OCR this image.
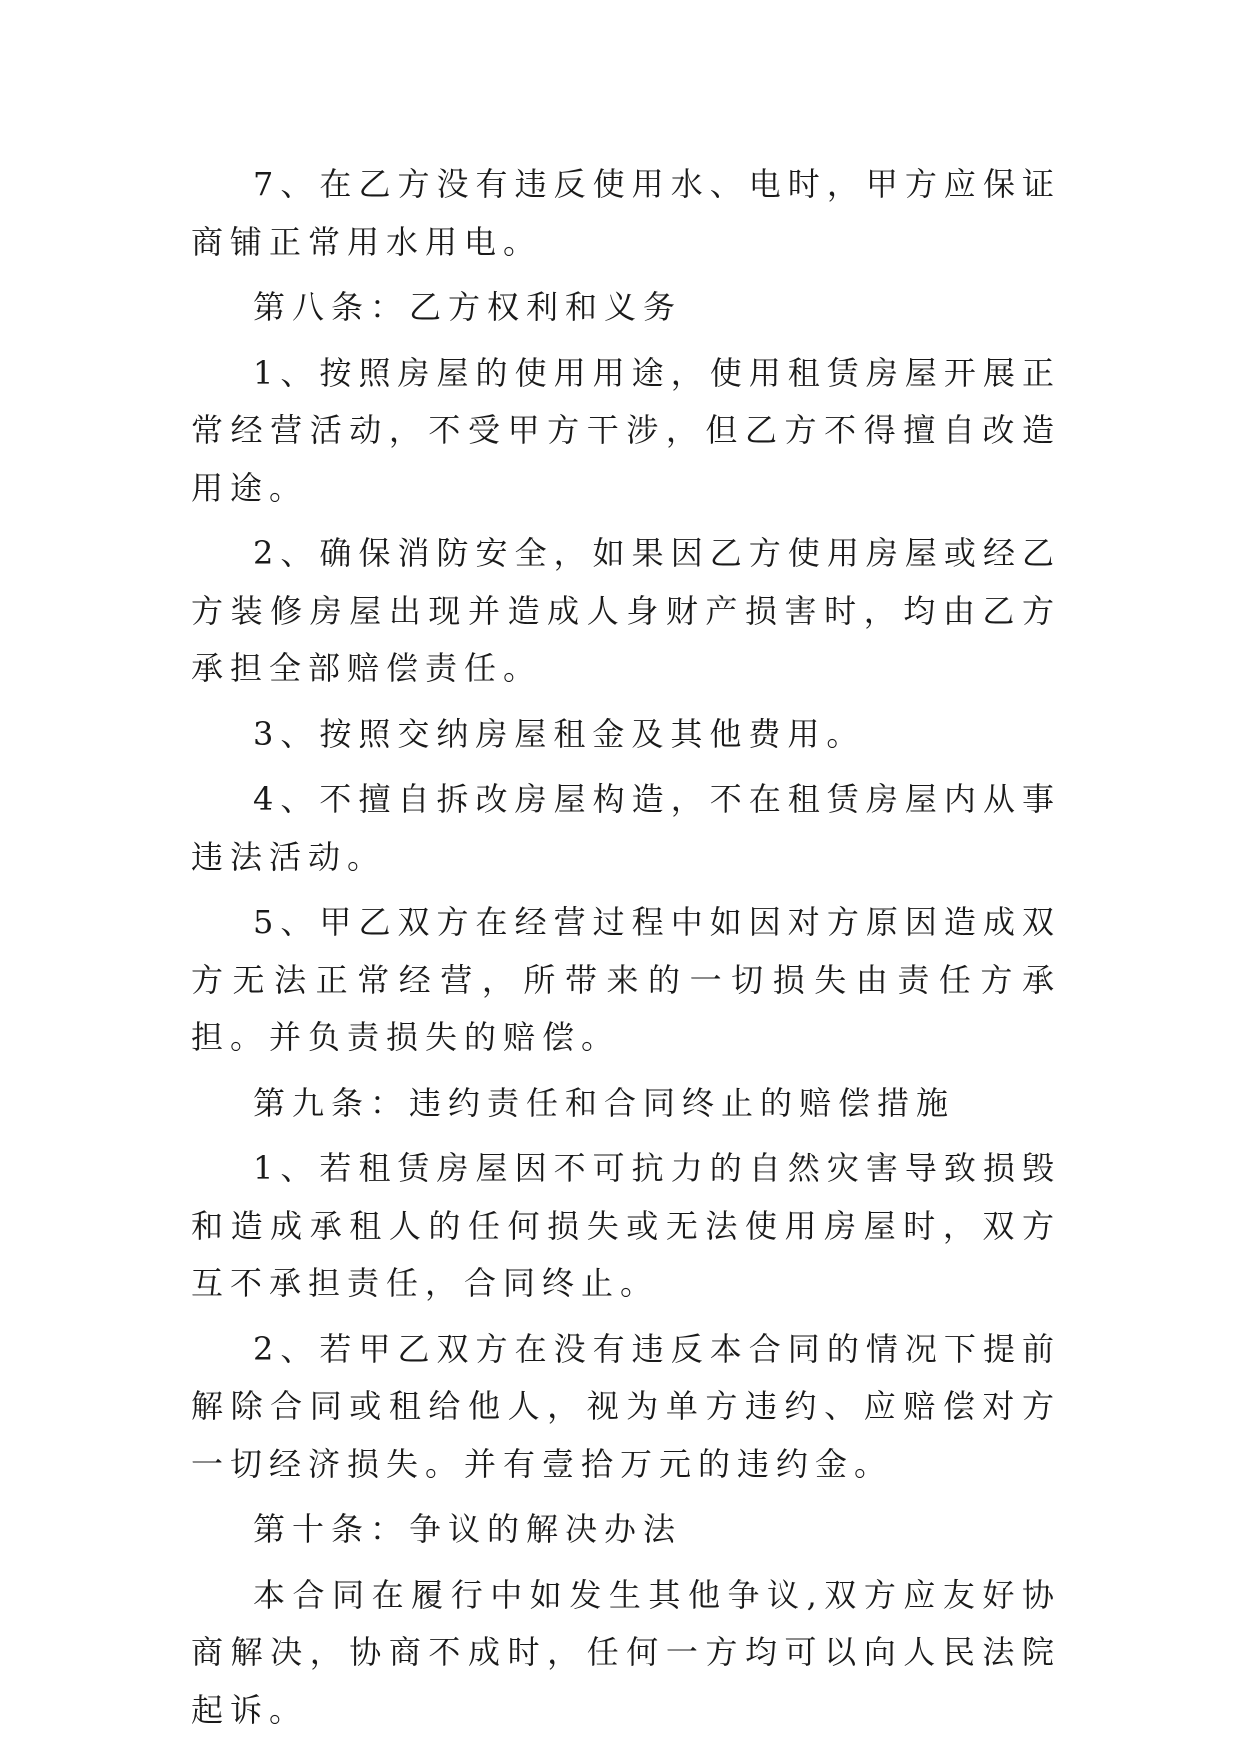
7、在乙方没有违反使用水、电时，甲方应保证商铺正常用水用电。

第八条：乙方权利和义务

1、按照房屋的使用用途，使用租赁房屋开展正常经营活动，不受甲方干涉，但乙方不得擅自改造用途。

2、确保消防安全，如果因乙方使用房屋或经乙方装修房屋出现并造成人身财产损害时，均由乙方承担全部赔偿责任。

3、按照交纳房屋租金及其他费用。

4、不擅自拆改房屋构造，不在租赁房屋内从事违法活动。

5、甲乙双方在经营过程中如因对方原因造成双方无法正常经营，所带来的一切损失由责任方承担。并负责损失的赔偿。

第九条：违约责任和合同终止的赔偿措施

1、若租赁房屋因不可抗力的自然灾害导致损毁和造成承租人的任何损失或无法使用房屋时，双方互不承担责任，合同终止。

2、若甲乙双方在没有违反本合同的情况下提前解除合同或租给他人，视为单方违约、应赔偿对方一切经济损失。并有壹拾万元的违约金。

第十条：争议的解决办法

本合同在履行中如发生其他争议,双方应友好协商解决，协商不成时，任何一方均可以向人民法院起诉。
